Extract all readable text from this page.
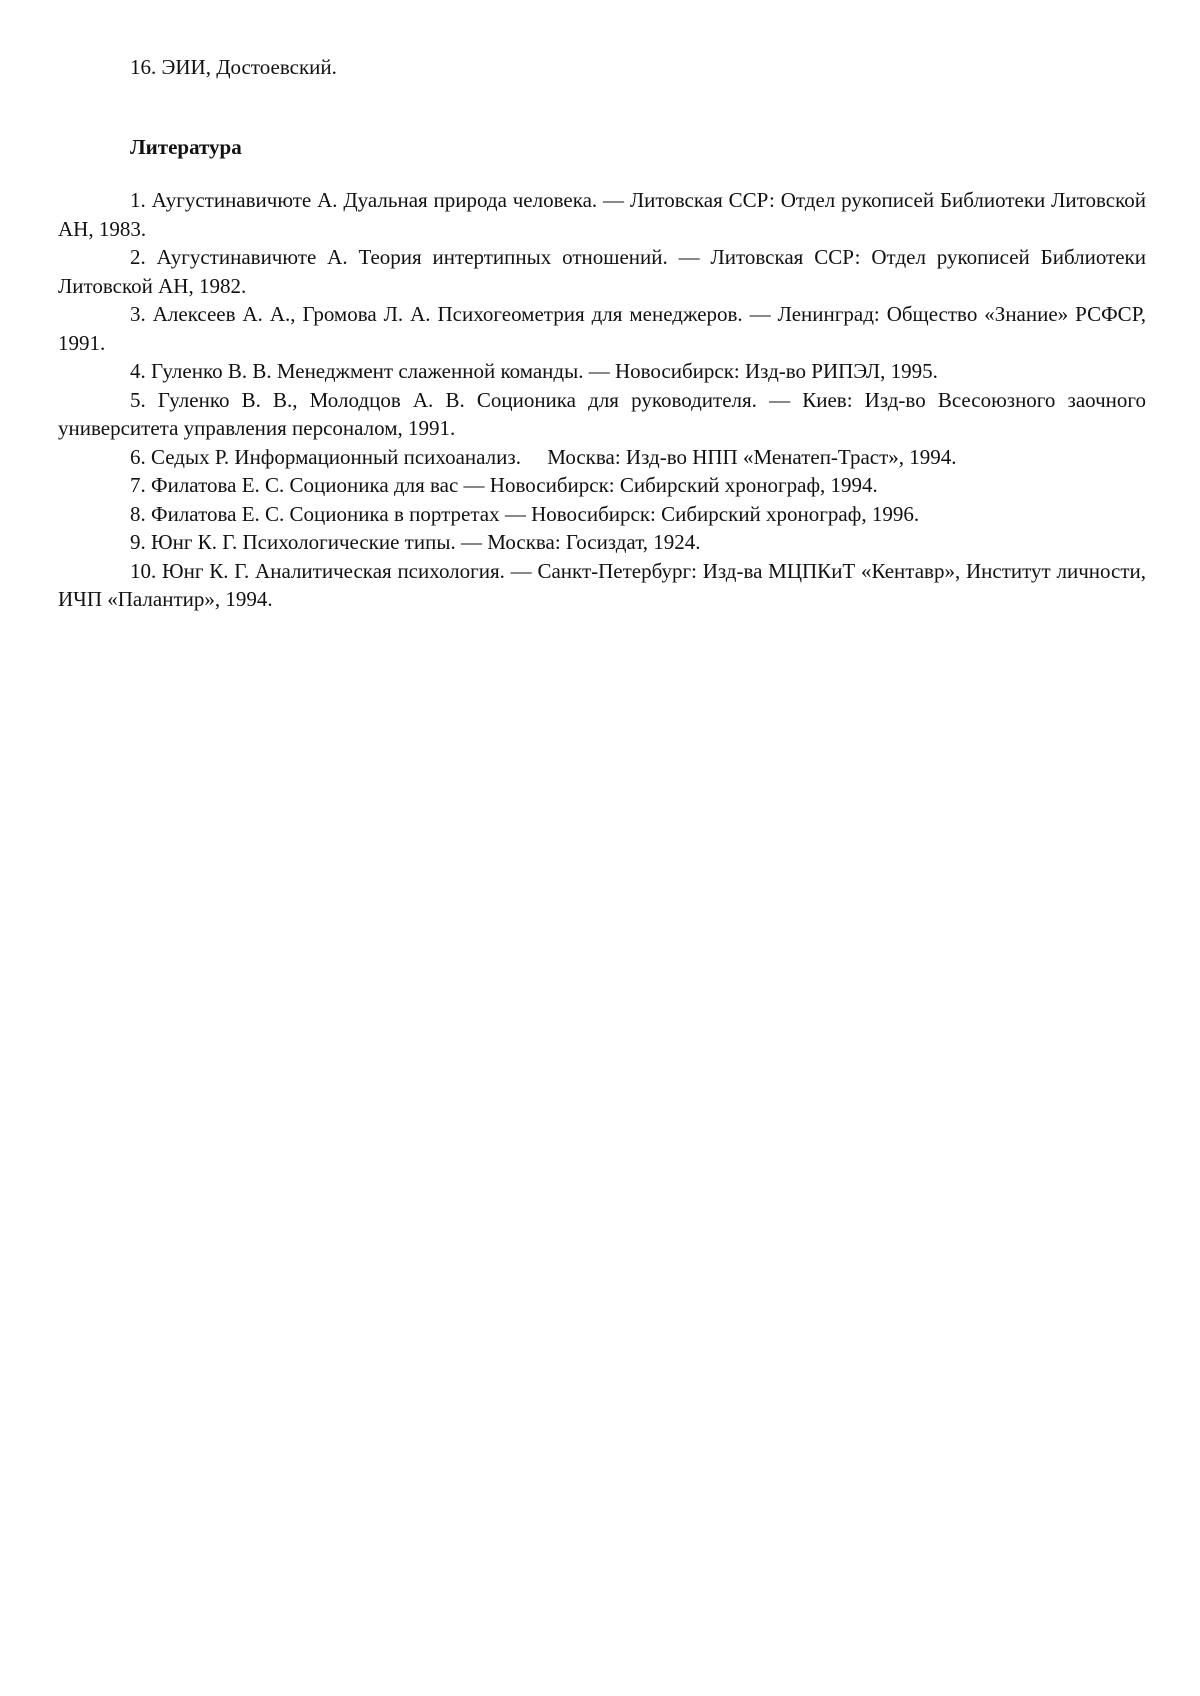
16. ЭИИ, Достоевский.

Литература
1. Аугустинавичюте А. Дуальная природа человека. — Литовская ССР: Отдел рукописей Библиотеки Литовской АН, 1983.
2. Аугустинавичюте А. Теория интертипных отношений. — Литовская ССР: Отдел рукописей Библиотеки Литовской АН, 1982.
3. Алексеев А. А., Громова Л. А. Психогеометрия для менеджеров. — Ленинград: Общество «Знание» РСФСР, 1991.
4. Гуленко В. В. Менеджмент слаженной команды. — Новосибирск: Изд-во РИПЭЛ, 1995.
5. Гуленко В. В., Молодцов А. В. Соционика для руководителя. — Киев: Изд-во Всесоюзного заочного университета управления персоналом, 1991.
6. Седых Р. Информационный психоанализ.     Москва: Изд-во НПП «Менатеп-Траст», 1994.
7. Филатова Е. С. Соционика для вас — Новосибирск: Сибирский хронограф, 1994.
8. Филатова Е. С. Соционика в портретах — Новосибирск: Сибирский хронограф, 1996.
9. Юнг К. Г. Психологические типы. — Москва: Госиздат, 1924.
10. Юнг К. Г. Аналитическая психология. — Санкт-Петербург: Изд-ва МЦПКиТ «Кентавр», Институт личности, ИЧП «Палантир», 1994.
